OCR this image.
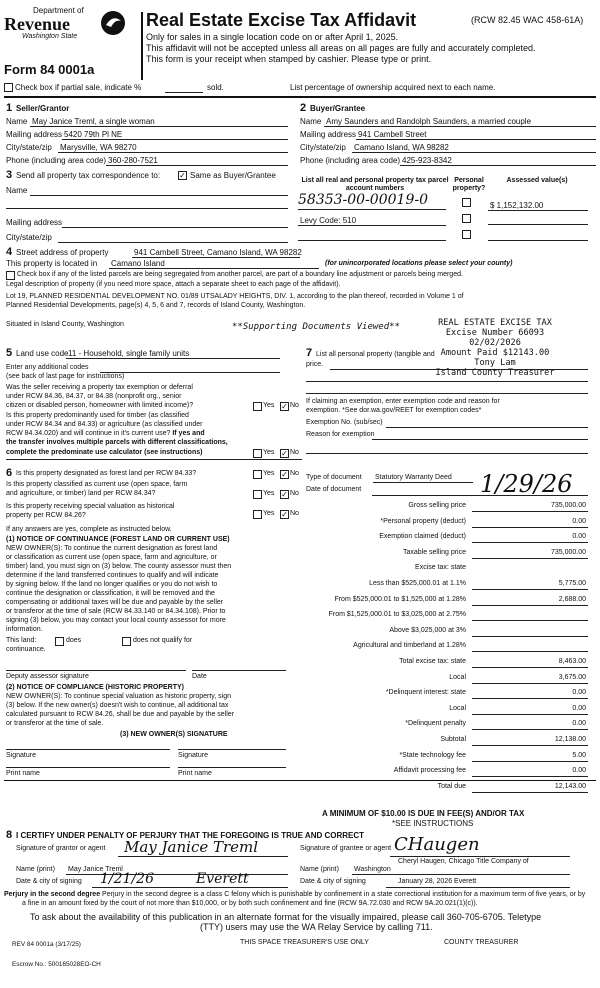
Department of
Revenue
Washington State
Form 84 0001a
Real Estate Excise Tax Affidavit	(RCW 82.45 WAC 458-61A)
Only for sales in a single location code on or after April 1, 2025.
This affidavit will not be accepted unless all areas on all pages are fully and accurately completed.
This form is your receipt when stamped by cashier. Please type or print.
Check box if partial sale, indicate %	sold.	List percentage of ownership acquired next to each name.
1 Seller/Grantor
Name May Janice Treml, a single woman
Mailing address 5420 79th Pl NE
City/state/zip Marysville, WA 98270
Phone (including area code) 360-280-7521
2 Buyer/Grantee
Name Amy Saunders and Randolph Saunders, a married couple
Mailing address 941 Cambell Street
City/state/zip Camano Island, WA 98282
Phone (including area code) 425-923-8342
3 Send all property tax correspondence to: ✓ Same as Buyer/Grantee
Name
Mailing address
City/state/zip
List all real and personal property tax parcel account numbers
Personal property?
Assessed value(s)
58353-00-00019-0	$ 1,152,132.00
Levy Code: 510
4 Street address of property	941 Cambell Street, Camano Island, WA 98282
This property is located in Camano Island	(for unincorporated locations please select your county)
Check box if any of the listed parcels are being segregated from another parcel, are part of a boundary line adjustment or parcels being merged.
Legal description of property (if you need more space, attach a separate sheet to each page of the affidavit).
Lot 19, PLANNED RESIDENTIAL DEVELOPMENT NO. 01/89 UTSALADY HEIGHTS, DIV. 1, according to the plan thereof, recorded in Volume 1 of
Planned Residential Developments, page(s) 4, 5, 6 and 7, records of Island County, Washington.
Situated in Island County, Washington	**Supporting Documents Viewed**	REAL ESTATE EXCISE TAX
Excise Number 66093
02/02/2026
Amount Paid $12143.00
Tony Lam
Island County Treasurer
5 Land use code 11 - Household, single family units
Enter any additional codes
(see back of last page for instructions)
Was the seller receiving a property tax exemption or deferral
under RCW 84.36, 84.37, or 84.38 (nonprofit org., senior
citizen or disabled person, homeowner with limited income)?	Yes ✓ No
Is this property predominantly used for timber (as classified
under RCW 84.34 and 84.33) or agriculture (as classified under
RCW 84.34.020) and will continue in it's current use? If yes and
the transfer involves multiple parcels with different classifications,
complete the predominate use calculator (see instructions)	Yes ✓ No
7 List all personal property (tangible and
price.
If claiming an exemption, enter exemption code and reason for
exemption. *See dor.wa.gov/REET for exemption codes*
Exemption No. (sub/sec)
Reason for exemption
6 Is this property designated as forest land per RCW 84.33?	Yes ✓ No
Is this property classified as current use (open space, farm
and agriculture, or timber) land per RCW 84.34?	Yes ✓ No
Is this property receiving special valuation as historical
property per RCW 84.26?	Yes ✓ No
If any answers are yes, complete as instructed below.
(1) NOTICE OF CONTINUANCE (FOREST LAND OR CURRENT USE)
NEW OWNER(S): To continue the current designation as forest land
or classification as current use (open space, farm and agriculture, or
timber) land, you must sign on (3) below. The county assessor must then
determine if the land transferred continues to qualify and will indicate
by signing below. If the land no longer qualifies or you do not wish to
continue the designation or classification, it will be removed and the
compensating or additional taxes will be due and payable by the seller
or transferor at the time of sale (RCW 84.33.140 or 84.34.108). Prior to
signing (3) below, you may contact your local county assessor for more
information.
This land:	does	does not qualify for
continuance.
Deputy assessor signature	Date
(2) NOTICE OF COMPLIANCE (HISTORIC PROPERTY)
NEW OWNER(S): To continue special valuation as historic property, sign
(3) below. If the new owner(s) doesn't wish to continue, all additional tax
calculated pursuant to RCW 84.26, shall be due and payable by the seller
or transferor at the time of sale.
(3) NEW OWNER(S) SIGNATURE
Signature	Signature
Print name	Print name
Type of document Statutory Warranty Deed
Date of document	1/29/26
Gross selling price	735,000.00
*Personal property (deduct)	0.00
Exemption claimed (deduct)	0.00
Taxable selling price	735,000.00
Excise tax: state
Less than $525,000.01 at 1.1%	5,775.00
From $525,000.01 to $1,525,000 at 1.28%	2,688.00
From $1,525,000.01 to $3,025,000 at 2.75%
Above $3,025,000 at 3%
Agricultural and timberland at 1.28%
Total excise tax: state	8,463.00
Local	3,675.00
*Delinquent interest: state	0.00
Local	0.00
*Delinquent penalty	0.00
Subtotal	12,138.00
*State technology fee	5.00
Affidavit processing fee	0.00
Total due	12,143.00
A MINIMUM OF $10.00 IS DUE IN FEE(S) AND/OR TAX
*SEE INSTRUCTIONS
8 I CERTIFY UNDER PENALTY OF PERJURY THAT THE FOREGOING IS TRUE AND CORRECT
Signature of grantor or agent May Janice Treml	Signature of grantee or agent CHaugen
Cheryl Haugen, Chicago Title Company of
Name (print) May Janice Treml	Name (print) Washington
Date & city of signing 1/21/26	Everett	Date & city of signing	January 28, 2026 Everett
Perjury in the second degree Perjury in the second degree is a class C felony which is punishable by confinement in a state correctional institution for a maximum term of five years, or by
a fine in an amount fixed by the court of not more than $10,000, or by both such confinement and fine (RCW 9A.72.030 and RCW 9A.20.021(1)(c)).
To ask about the availability of this publication in an alternate format for the visually impaired, please call 360-705-6705. Teletype
(TTY) users may use the WA Relay Service by calling 711.
REV 84 0001a (3/17/25)	THIS SPACE TREASURER'S USE ONLY	COUNTY TREASURER
Escrow No.: 500165028EO-CH
